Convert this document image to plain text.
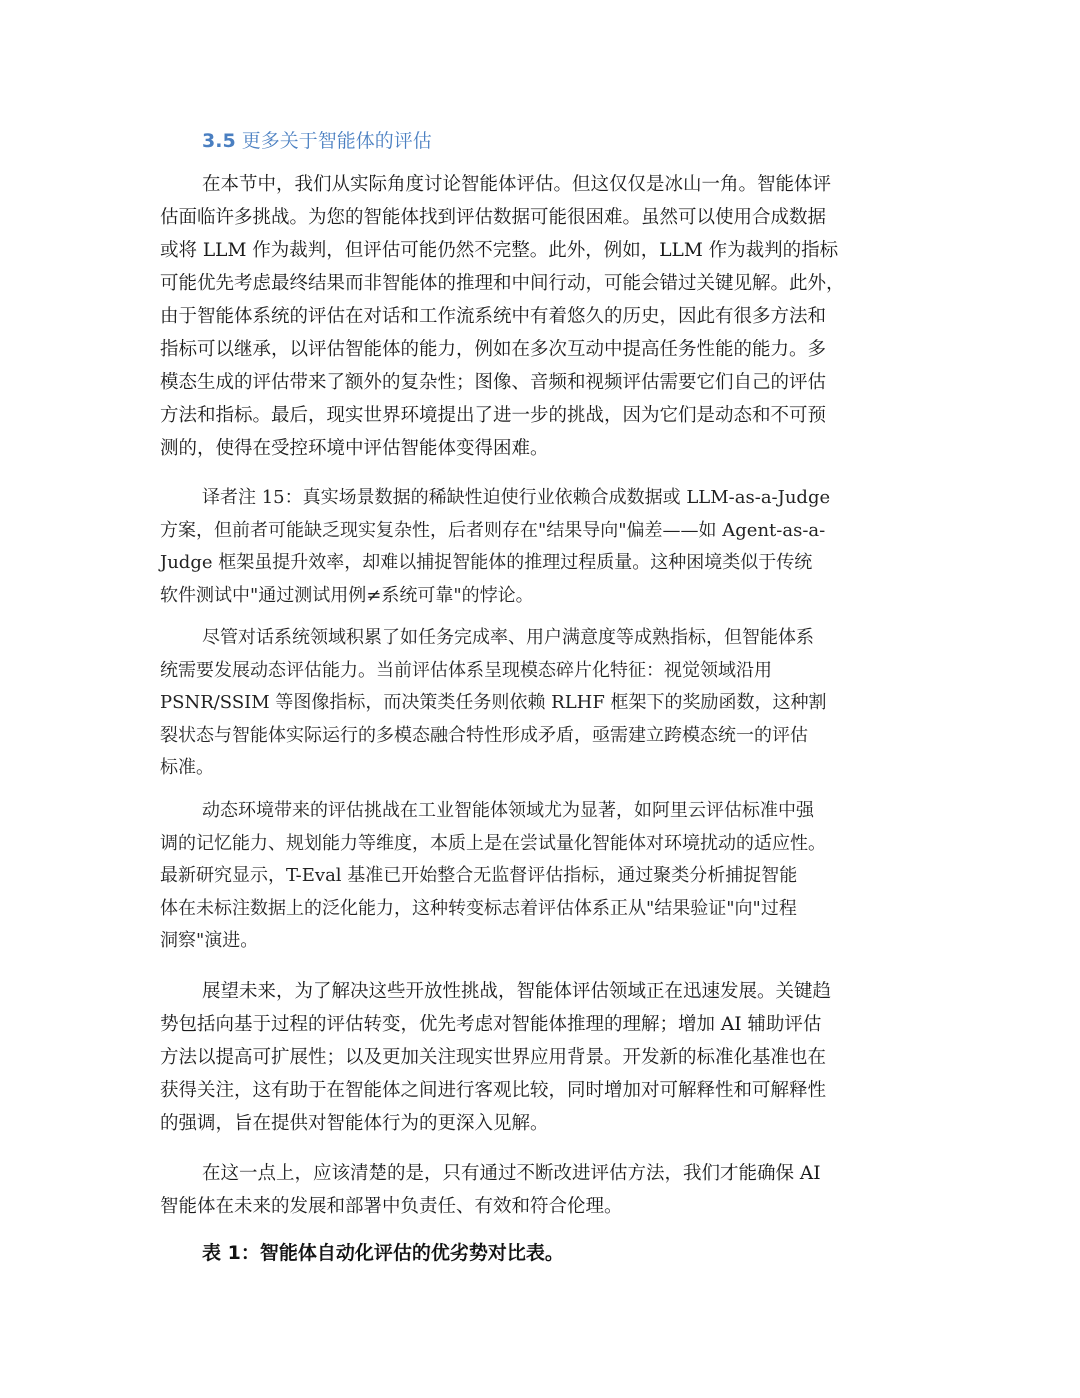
3.5 更多关于智能体的评估
在本节中，我们从实际角度讨论智能体评估。但这仅仅是冰山一角。智能体评
估面临许多挑战。为您的智能体找到评估数据可能很困难。虽然可以使用合成数据
或将 LLM 作为裁判，但评估可能仍然不完整。此外，例如，LLM 作为裁判的指标
可能优先考虑最终结果而非智能体的推理和中间行动，可能会错过关键见解。此外，
由于智能体系统的评估在对话和工作流系统中有着悠久的历史，因此有很多方法和
指标可以继承，以评估智能体的能力，例如在多次互动中提高任务性能的能力。多
模态生成的评估带来了额外的复杂性；图像、音频和视频评估需要它们自己的评估
方法和指标。最后，现实世界环境提出了进一步的挑战，因为它们是动态和不可预
测的，使得在受控环境中评估智能体变得困难。
译者注 15：真实场景数据的稀缺性迫使行业依赖合成数据或 LLM-as-a-Judge
方案，但前者可能缺乏现实复杂性，后者则存在"结果导向"偏差——如 Agent-as-a-
Judge 框架虽提升效率，却难以捕捉智能体的推理过程质量。这种困境类似于传统
软件测试中"通过测试用例≠系统可靠"的悖论。
尽管对话系统领域积累了如任务完成率、用户满意度等成熟指标，但智能体系
统需要发展动态评估能力。当前评估体系呈现模态碎片化特征：视觉领域沿用
PSNR/SSIM 等图像指标，而决策类任务则依赖 RLHF 框架下的奖励函数，这种割
裂状态与智能体实际运行的多模态融合特性形成矛盾，亟需建立跨模态统一的评估
标准。
动态环境带来的评估挑战在工业智能体领域尤为显著，如阿里云评估标准中强
调的记忆能力、规划能力等维度，本质上是在尝试量化智能体对环境扰动的适应性。
最新研究显示，T-Eval 基准已开始整合无监督评估指标，通过聚类分析捕捉智能
体在未标注数据上的泛化能力，这种转变标志着评估体系正从"结果验证"向"过程
洞察"演进。
展望未来，为了解决这些开放性挑战，智能体评估领域正在迅速发展。关键趋
势包括向基于过程的评估转变，优先考虑对智能体推理的理解；增加 AI 辅助评估
方法以提高可扩展性；以及更加关注现实世界应用背景。开发新的标准化基准也在
获得关注，这有助于在智能体之间进行客观比较，同时增加对可解释性和可解释性
的强调，旨在提供对智能体行为的更深入见解。
在这一点上，应该清楚的是，只有通过不断改进评估方法，我们才能确保 AI
智能体在未来的发展和部署中负责任、有效和符合伦理。
表 1：智能体自动化评估的优劣势对比表。
